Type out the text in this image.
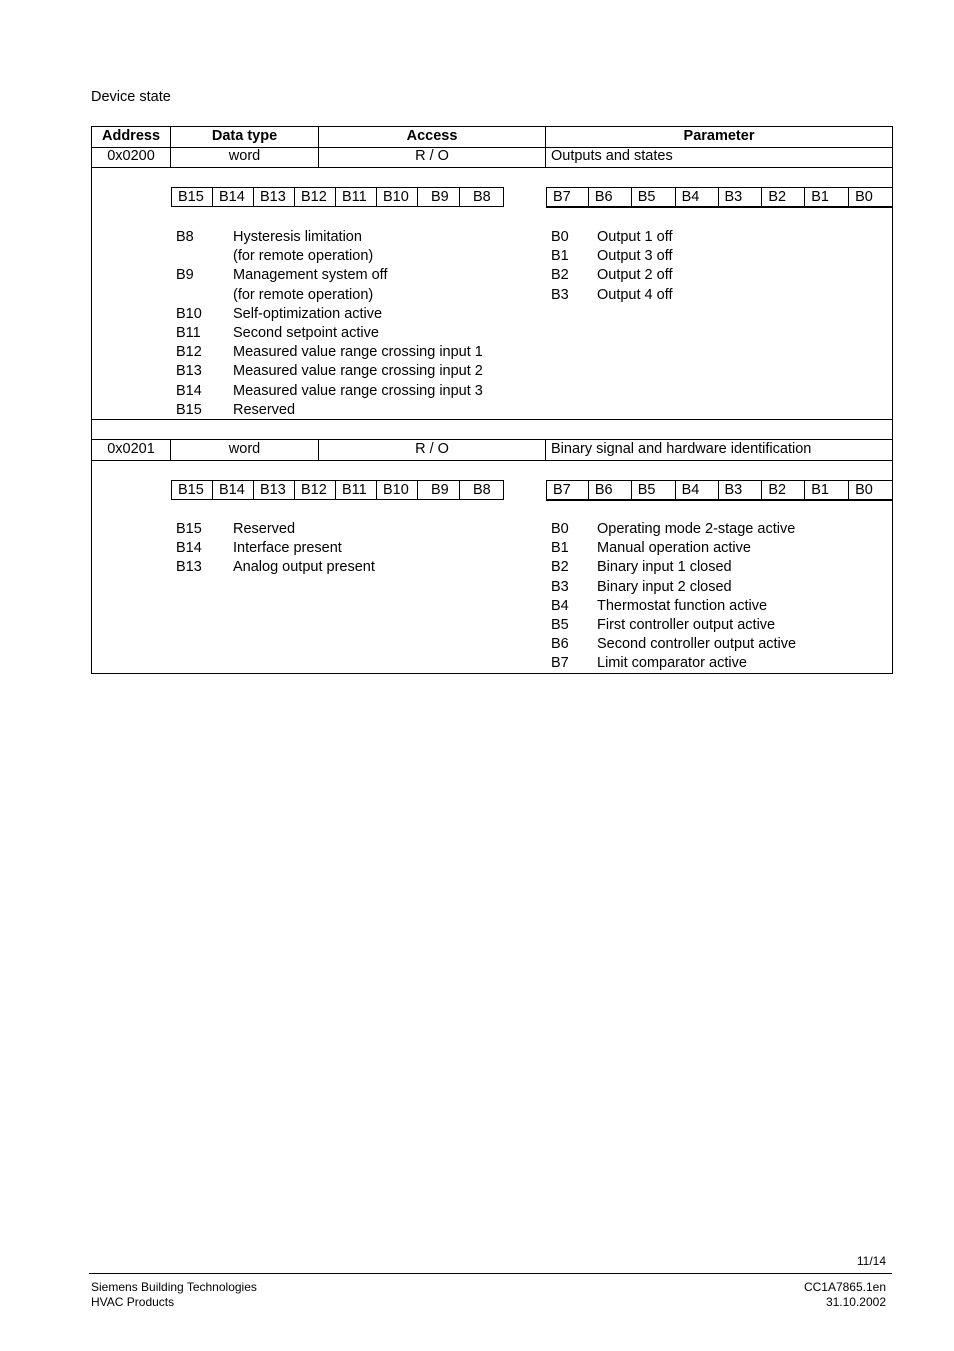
Device state
Address	Data type	Access	Parameter
0x0200	word	R / O	Outputs and states
B15	B14	B13	B12	B11	B10	B9	B8	B7	B6	B5	B4	B3	B2	B1	B0
B8	Hysteresis limitation
(for remote operation)
B9	Management system off
(for remote operation)
B10 Self-optimization active
B11 Second setpoint active
B12 Measured value range crossing input 1
B13 Measured value range crossing input 2
B14 Measured value range crossing input 3
B15 Reserved
B0 Output 1 off
B1 Output 3 off
B2 Output 2 off
B3 Output 4 off
0x0201	word	R / O	Binary signal and hardware identification
B15	B14	B13	B12	B11	B10	B9	B8	B7	B6	B5	B4	B3	B2	B1	B0
B15 Reserved
B14 Interface present
B13 Analog output present
B0 Operating mode 2-stage active
B1 Manual operation active
B2 Binary input 1 closed
B3 Binary input 2 closed
B4 Thermostat function active
B5 First controller output active
B6 Second controller output active
B7 Limit comparator active
11/14
Siemens Building Technologies
HVAC Products
CC1A7865.1en
31.10.2002
